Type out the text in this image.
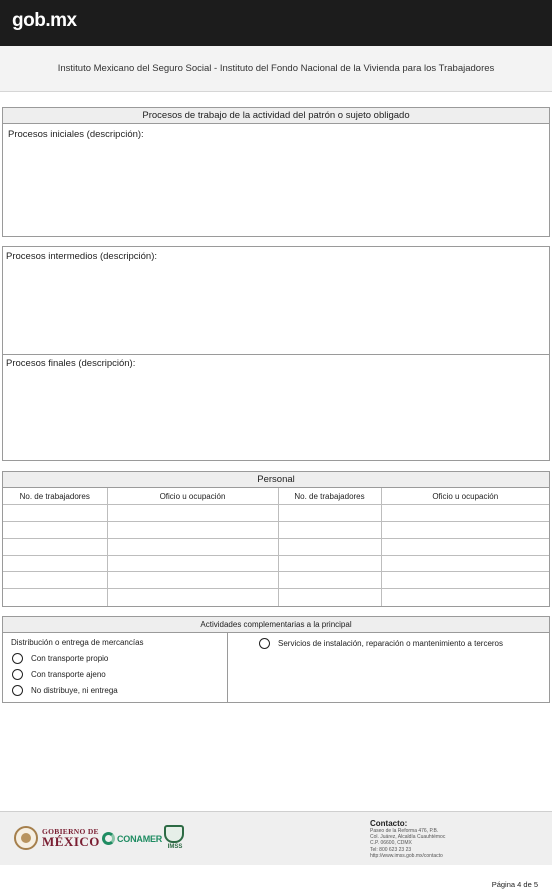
gob.mx
Instituto Mexicano del Seguro Social - Instituto del Fondo Nacional de la Vivienda para los Trabajadores
Procesos de trabajo de la actividad del patrón o sujeto obligado
Procesos iniciales (descripción):
Procesos intermedios (descripción):
Procesos finales (descripción):
Personal
No. de trabajadores	Oficio u ocupación	No. de trabajadores	Oficio u ocupación

Actividades complementarias a la principal
Distribución o entrega de mercancías
Con transporte propio
Con transporte ajeno
No distribuye, ni entrega
Servicios de instalación, reparación o mantenimiento a terceros
GOBIERNO DE
MÉXICO CONAMER
IMSS
Contacto:
Paseo de la Reforma 476, P.B.
Col. Juárez, Alcaldía Cuauhtémoc
C.P. 06600, CDMX
Tel: 800 623 23 23
http://www.imss.gob.mx/contacto
Página 4 de 5
